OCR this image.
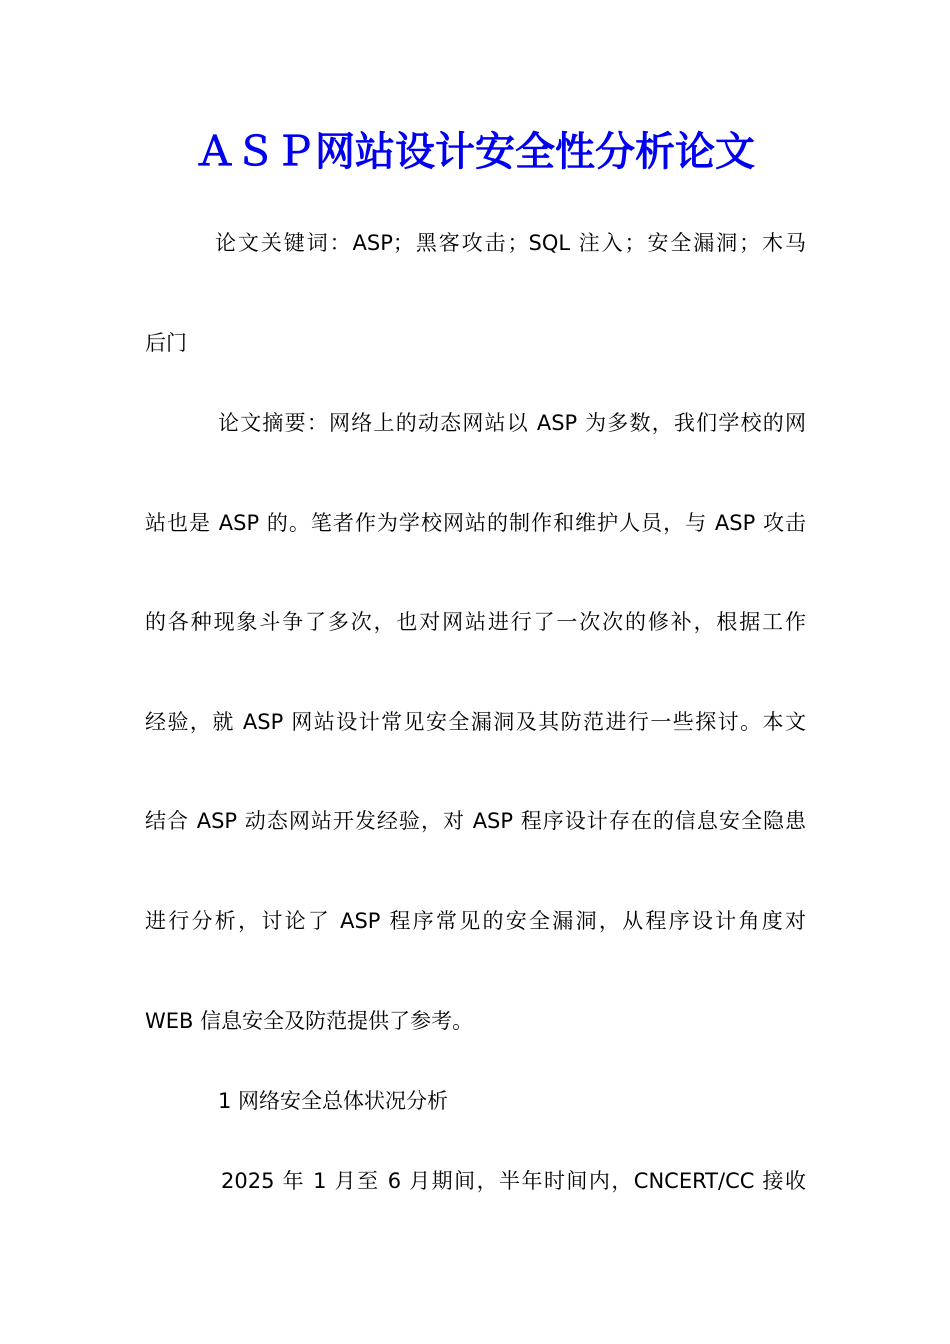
ＡＳＰ网站设计安全性分析论文
论文关键词：ASP；黑客攻击；SQL 注入；安全漏洞；木马
后门
论文摘要：网络上的动态网站以 ASP 为多数，我们学校的网
站也是 ASP 的。笔者作为学校网站的制作和维护人员，与 ASP 攻击
的各种现象斗争了多次，也对网站进行了一次次的修补，根据工作
经验，就 ASP 网站设计常见安全漏洞及其防范进行一些探讨。本文
结合 ASP 动态网站开发经验，对 ASP 程序设计存在的信息安全隐患
进行分析，讨论了 ASP 程序常见的安全漏洞，从程序设计角度对
WEB 信息安全及防范提供了参考。
1 网络安全总体状况分析
2025 年 1 月至 6 月期间，半年时间内，CNCERT/CC 接收
